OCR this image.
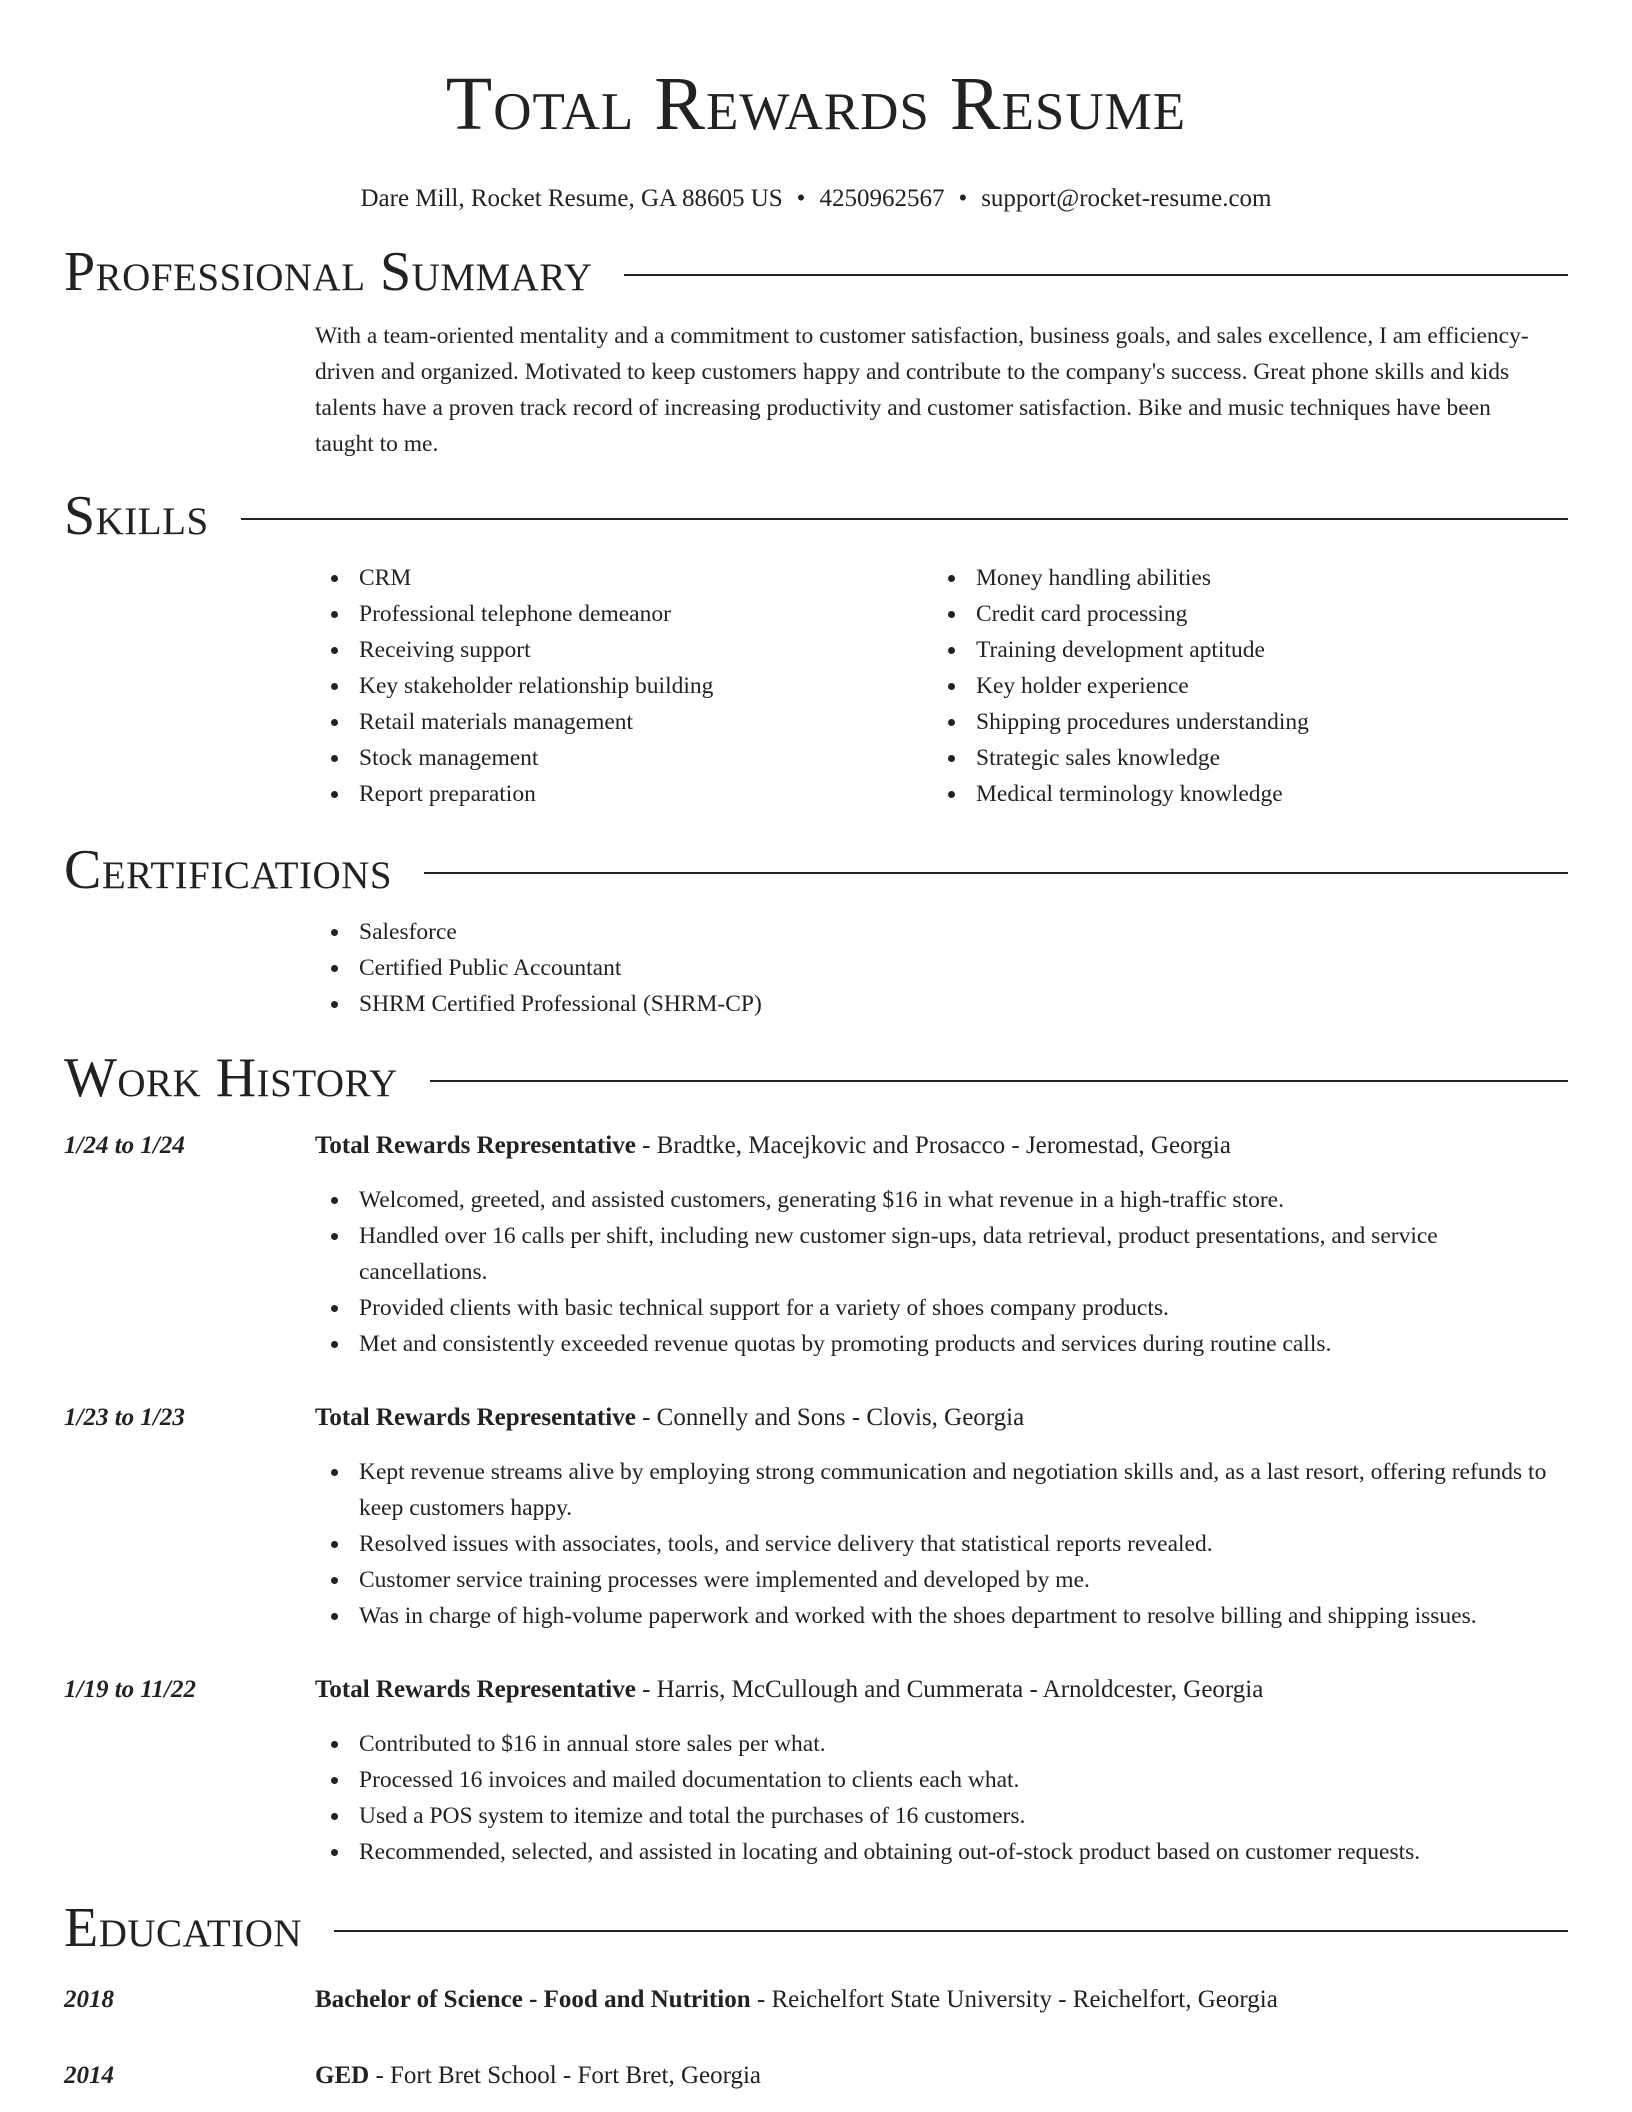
Total Rewards Resume
Dare Mill, Rocket Resume, GA 88605 US • 4250962567 • support@rocket-resume.com
Professional Summary

With a team-oriented mentality and a commitment to customer satisfaction, business goals, and sales excellence, I am efficiency-driven and organized. Motivated to keep customers happy and contribute to the company's success. Great phone skills and kids talents have a proven track record of increasing productivity and customer satisfaction. Bike and music techniques have been taught to me.

Skills
CRM
Professional telephone demeanor
Receiving support
Key stakeholder relationship building
Retail materials management
Stock management
Report preparation
Money handling abilities
Credit card processing
Training development aptitude
Key holder experience
Shipping procedures understanding
Strategic sales knowledge
Medical terminology knowledge
Certifications
Salesforce
Certified Public Accountant
SHRM Certified Professional (SHRM-CP)
Work History
1/24 to 1/24	Total Rewards Representative - Bradtke, Macejkovic and Prosacco - Jeromestad, Georgia
Welcomed, greeted, and assisted customers, generating $16 in what revenue in a high-traffic store.
Handled over 16 calls per shift, including new customer sign-ups, data retrieval, product presentations, and service cancellations.
Provided clients with basic technical support for a variety of shoes company products.
Met and consistently exceeded revenue quotas by promoting products and services during routine calls.
1/23 to 1/23	Total Rewards Representative - Connelly and Sons - Clovis, Georgia
Kept revenue streams alive by employing strong communication and negotiation skills and, as a last resort, offering refunds to keep customers happy.
Resolved issues with associates, tools, and service delivery that statistical reports revealed.
Customer service training processes were implemented and developed by me.
Was in charge of high-volume paperwork and worked with the shoes department to resolve billing and shipping issues.
1/19 to 11/22	Total Rewards Representative - Harris, McCullough and Cummerata - Arnoldcester, Georgia
Contributed to $16 in annual store sales per what.
Processed 16 invoices and mailed documentation to clients each what.
Used a POS system to itemize and total the purchases of 16 customers.
Recommended, selected, and assisted in locating and obtaining out-of-stock product based on customer requests.
Education
2018	Bachelor of Science - Food and Nutrition - Reichelfort State University - Reichelfort, Georgia
2014	GED - Fort Bret School - Fort Bret, Georgia
